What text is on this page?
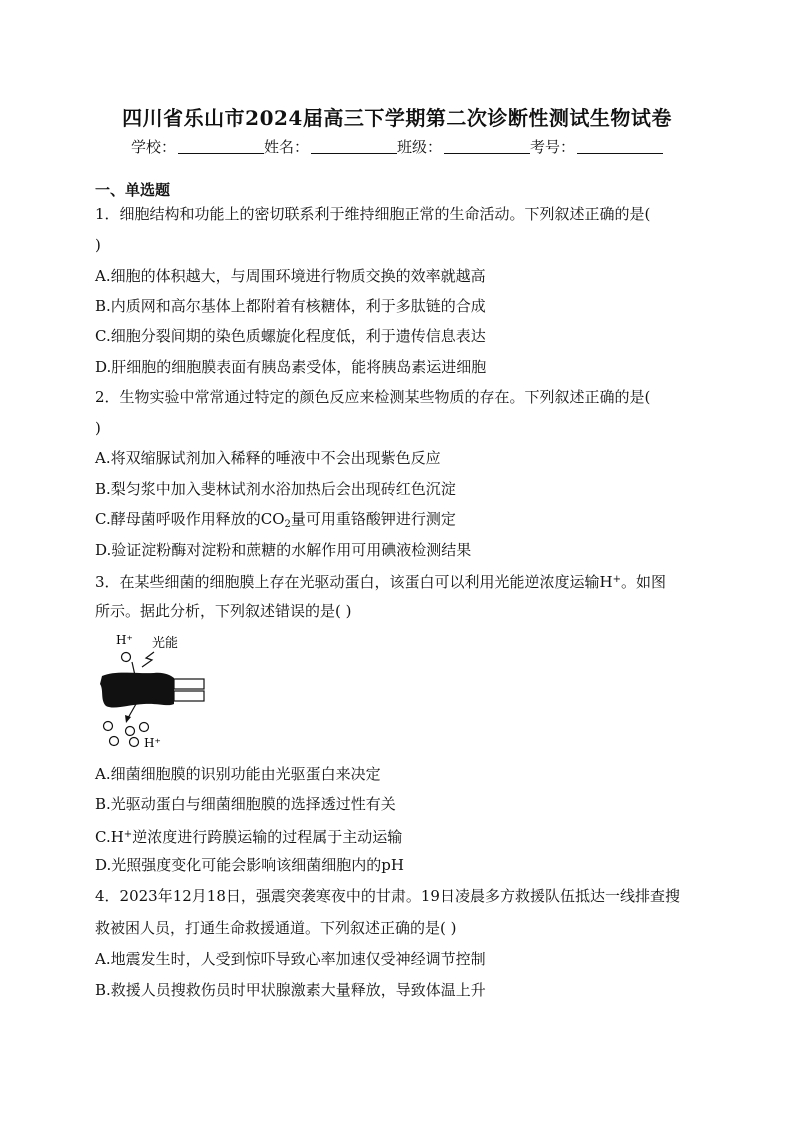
四川省乐山市2024届高三下学期第二次诊断性测试生物试卷
学校：	姓名：	班级：	考号：
一、单选题
1．细胞结构和功能上的密切联系利于维持细胞正常的生命活动。下列叙述正确的是(
)
A.细胞的体积越大，与周围环境进行物质交换的效率就越高
B.内质网和高尔基体上都附着有核糖体，利于多肽链的合成
C.细胞分裂间期的染色质螺旋化程度低，利于遗传信息表达
D.肝细胞的细胞膜表面有胰岛素受体，能将胰岛素运进细胞
2．生物实验中常常通过特定的颜色反应来检测某些物质的存在。下列叙述正确的是(
)
A.将双缩脲试剂加入稀释的唾液中不会出现紫色反应
B.梨匀浆中加入斐林试剂水浴加热后会出现砖红色沉淀
C.酵母菌呼吸作用释放的$CO_2$量可用重铬酸钾进行测定
D.验证淀粉酶对淀粉和蔗糖的水解作用可用碘液检测结果
3．在某些细菌的细胞膜上存在光驱动蛋白，该蛋白可以利用光能逆浓度运输H+。如图
所示。据此分析，下列叙述错误的是( )
H⁺ 光能
H⁺
A.细菌细胞膜的识别功能由光驱蛋白来决定
B.光驱动蛋白与细菌细胞膜的选择透过性有关
C.H+逆浓度进行跨膜运输的过程属于主动运输
D.光照强度变化可能会影响该细菌细胞内的pH
4．2023年12月18日，强震突袭寒夜中的甘肃。19日凌晨多方救援队伍抵达一线排查搜
救被困人员，打通生命救援通道。下列叙述正确的是( )
A.地震发生时，人受到惊吓导致心率加速仅受神经调节控制
B.救援人员搜救伤员时甲状腺激素大量释放，导致体温上升
